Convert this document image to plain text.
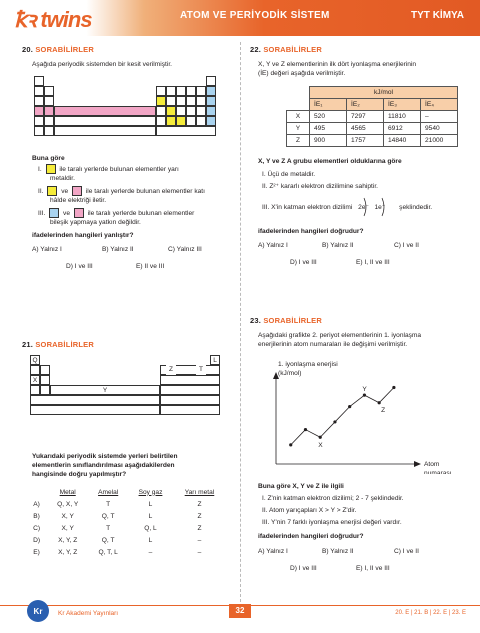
ꝁꝛ twins	ATOM VE PERİYODİK SİSTEM	TYT KİMYA
20. SORABİLİRLER
Aşağıda periyodik sistemden bir kesit verilmiştir.
Buna göre
I.	ile taralı yerlerde bulunan elementler yarı
metaldir.
II.	ve	ile taralı yerlerde bulunan elementler katı
hâlde elektriği iletir.
III.	ve	ile taralı yerlerde bulunan elementler
bileşik yapmaya yatkın değildir.
ifadelerinden hangileri yanlıştır?
A) Yalnız I	B) Yalnız II	C) Yalnız III
D) I ve III	E) II ve III
21. SORABİLİRLER
Q	L
Z	T
X
Y
Yukarıdaki periyodik sistemde yerleri belirtilen
elementlerin sınıflandırılması aşağıdakilerden
hangisinde doğru yapılmıştır?
	Metal	Amelal	Soy gaz	Yarı metal
A)	Q, X, Y	T	L	Z
B)	X, Y	Q, T	L	Z
C)	X, Y	T	Q, L	Z
D)	X, Y, Z	Q, T	L	–
E)	X, Y, Z	Q, T, L	–	–
22. SORABİLİRLER
X, Y ve Z elementlerinin ilk dört iyonlaşma enerjilerinin
(İE) değeri aşağıda verilmiştir.
	kJ/mol			
	İE₁	İE₂	İE₃	İE₄
X	520	7297	11810	–
Y	495	4565	6912	9540
Z	900	1757	14840	21000
X, Y ve Z A grubu elementleri olduklarına göre
I. Üçü de metaldir.
II. Z²⁺ kararlı elektron dizilimine sahiptir.
III. X'in katman elektron dizilimi 2e⁻ 1e⁻ şeklindedir.
ifadelerinden hangileri doğrudur?
A) Yalnız I	B) Yalnız II	C) I ve II
D) I ve III	E) I, II ve III
23. SORABİLİRLER
Aşağıdaki grafikte 2. periyot elementlerinin 1. iyonlaşma
enerjilerinin atom numaraları ile değişimi verilmiştir.
1. iyonlaşma enerjisi
(kJ/mol)
Atom
numarası
X
Y
Z
Buna göre X, Y ve Z ile ilgili
I. Z'nin katman elektron dizilimi; 2 - 7 şeklindedir.
II. Atom yarıçapları X > Y > Z'dir.
III. Y'nin 7 farklı iyonlaşma enerjisi değeri vardır.
ifadelerinden hangileri doğrudur?
A) Yalnız I	B) Yalnız II	C) I ve II
D) I ve III	E) I, II ve III
Kr Kr Akademi Yayınları	32	20. E | 21. B | 22. E | 23. E
